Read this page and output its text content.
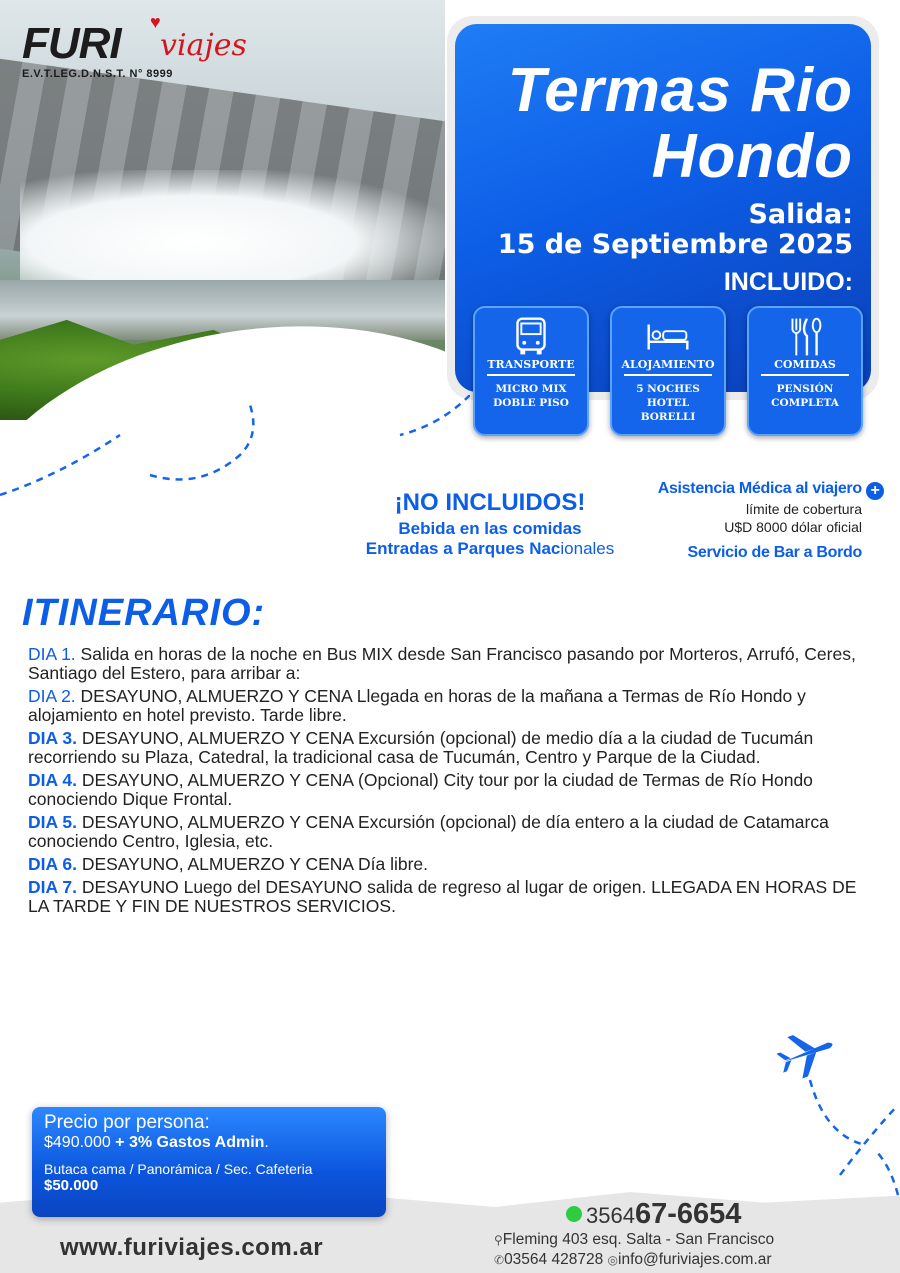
♥
FURI	viajes
E.V.T.LEG.D.N.S.T. N° 8999	Termas Rio
Hondo
Salida:
15 de Septiembre 2025
INCLUIDO:
TRANSPORTE
MICRO MIX
DOBLE PISO
ALOJAMIENTO
5 NOCHES
HOTEL
BORELLI
COMIDAS
PENSIÓN
COMPLETA
¡NO INCLUIDOS!
Bebida en las comidas
Entradas a Parques Nacionales
Asistencia Médica al viajero +
límite de cobertura
U$D 8000 dólar oficial
Servicio de Bar a Bordo
ITINERARIO:
DIA 1. Salida en horas de la noche en Bus MIX desde San Francisco pasando por Morteros, Arrufó, Ceres, Santiago del Estero, para arribar a:
DIA 2. DESAYUNO, ALMUERZO Y CENA Llegada en horas de la mañana a Termas de Río Hondo y alojamiento en hotel previsto. Tarde libre.
DIA 3. DESAYUNO, ALMUERZO Y CENA Excursión (opcional) de medio día a la ciudad de Tucumán recorriendo su Plaza, Catedral, la tradicional casa de Tucumán, Centro y Parque de la Ciudad.
DIA 4. DESAYUNO, ALMUERZO Y CENA (Opcional) City tour por la ciudad de Termas de Río Hondo conociendo Dique Frontal.
DIA 5. DESAYUNO, ALMUERZO Y CENA Excursión (opcional) de día entero a la ciudad de Catamarca conociendo Centro, Iglesia, etc.
DIA 6. DESAYUNO, ALMUERZO Y CENA Día libre.
DIA 7. DESAYUNO Luego del DESAYUNO salida de regreso al lugar de origen. LLEGADA EN HORAS DE LA TARDE Y FIN DE NUESTROS SERVICIOS.
Precio por persona:
$490.000 + 3% Gastos Admin.
Butaca cama / Panorámica / Sec. Cafeteria
$50.000
www.furiviajes.com.ar
356467-6654
⚲Fleming 403 esq. Salta - San Francisco
✆03564 428728 ◎info@furiviajes.com.ar
